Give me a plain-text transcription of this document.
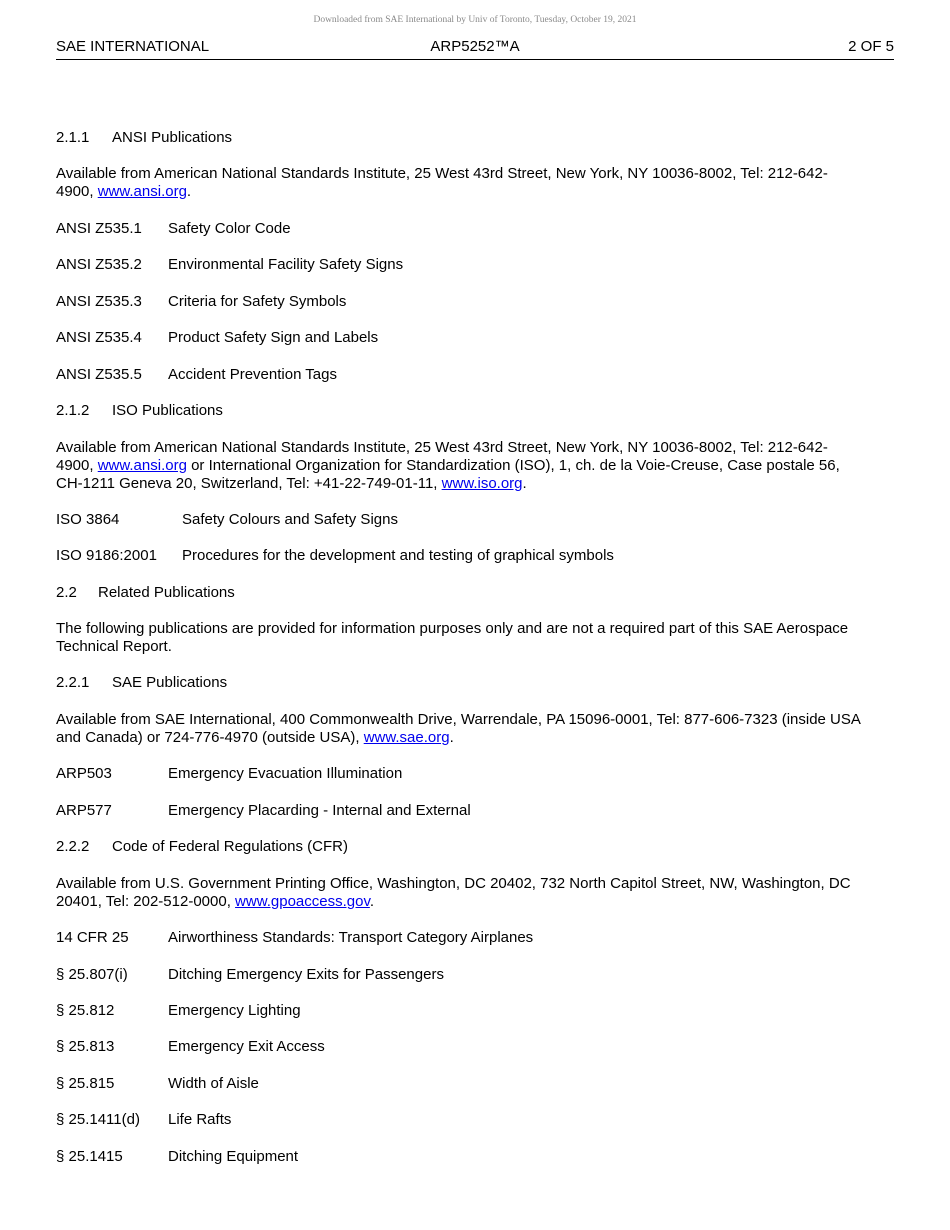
Downloaded from SAE International by Univ of Toronto, Tuesday, October 19, 2021
SAE INTERNATIONAL	ARP5252™A	2 OF 5
2.1.1 ANSI Publications
Available from American National Standards Institute, 25 West 43rd Street, New York, NY 10036-8002, Tel: 212-642-
4900, www.ansi.org.
ANSI Z535.1 Safety Color Code
ANSI Z535.2 Environmental Facility Safety Signs
ANSI Z535.3 Criteria for Safety Symbols
ANSI Z535.4 Product Safety Sign and Labels
ANSI Z535.5 Accident Prevention Tags
2.1.2 ISO Publications
Available from American National Standards Institute, 25 West 43rd Street, New York, NY 10036-8002, Tel: 212-642-
4900, www.ansi.org or International Organization for Standardization (ISO), 1, ch. de la Voie-Creuse, Case postale 56,
CH-1211 Geneva 20, Switzerland, Tel: +41-22-749-01-11, www.iso.org.
ISO 3864	Safety Colours and Safety Signs
ISO 9186:2001 Procedures for the development and testing of graphical symbols
2.2 Related Publications
The following publications are provided for information purposes only and are not a required part of this SAE Aerospace
Technical Report.
2.2.1 SAE Publications
Available from SAE International, 400 Commonwealth Drive, Warrendale, PA 15096-0001, Tel: 877-606-7323 (inside USA
and Canada) or 724-776-4970 (outside USA), www.sae.org.
ARP503	Emergency Evacuation Illumination
ARP577	Emergency Placarding - Internal and External
2.2.2 Code of Federal Regulations (CFR)
Available from U.S. Government Printing Office, Washington, DC 20402, 732 North Capitol Street, NW, Washington, DC
20401, Tel: 202-512-0000, www.gpoaccess.gov.
14 CFR 25	Airworthiness Standards: Transport Category Airplanes
§ 25.807(i)	Ditching Emergency Exits for Passengers
§ 25.812	Emergency Lighting
§ 25.813	Emergency Exit Access
§ 25.815	Width of Aisle
§ 25.1411(d) Life Rafts
§ 25.1415	Ditching Equipment
